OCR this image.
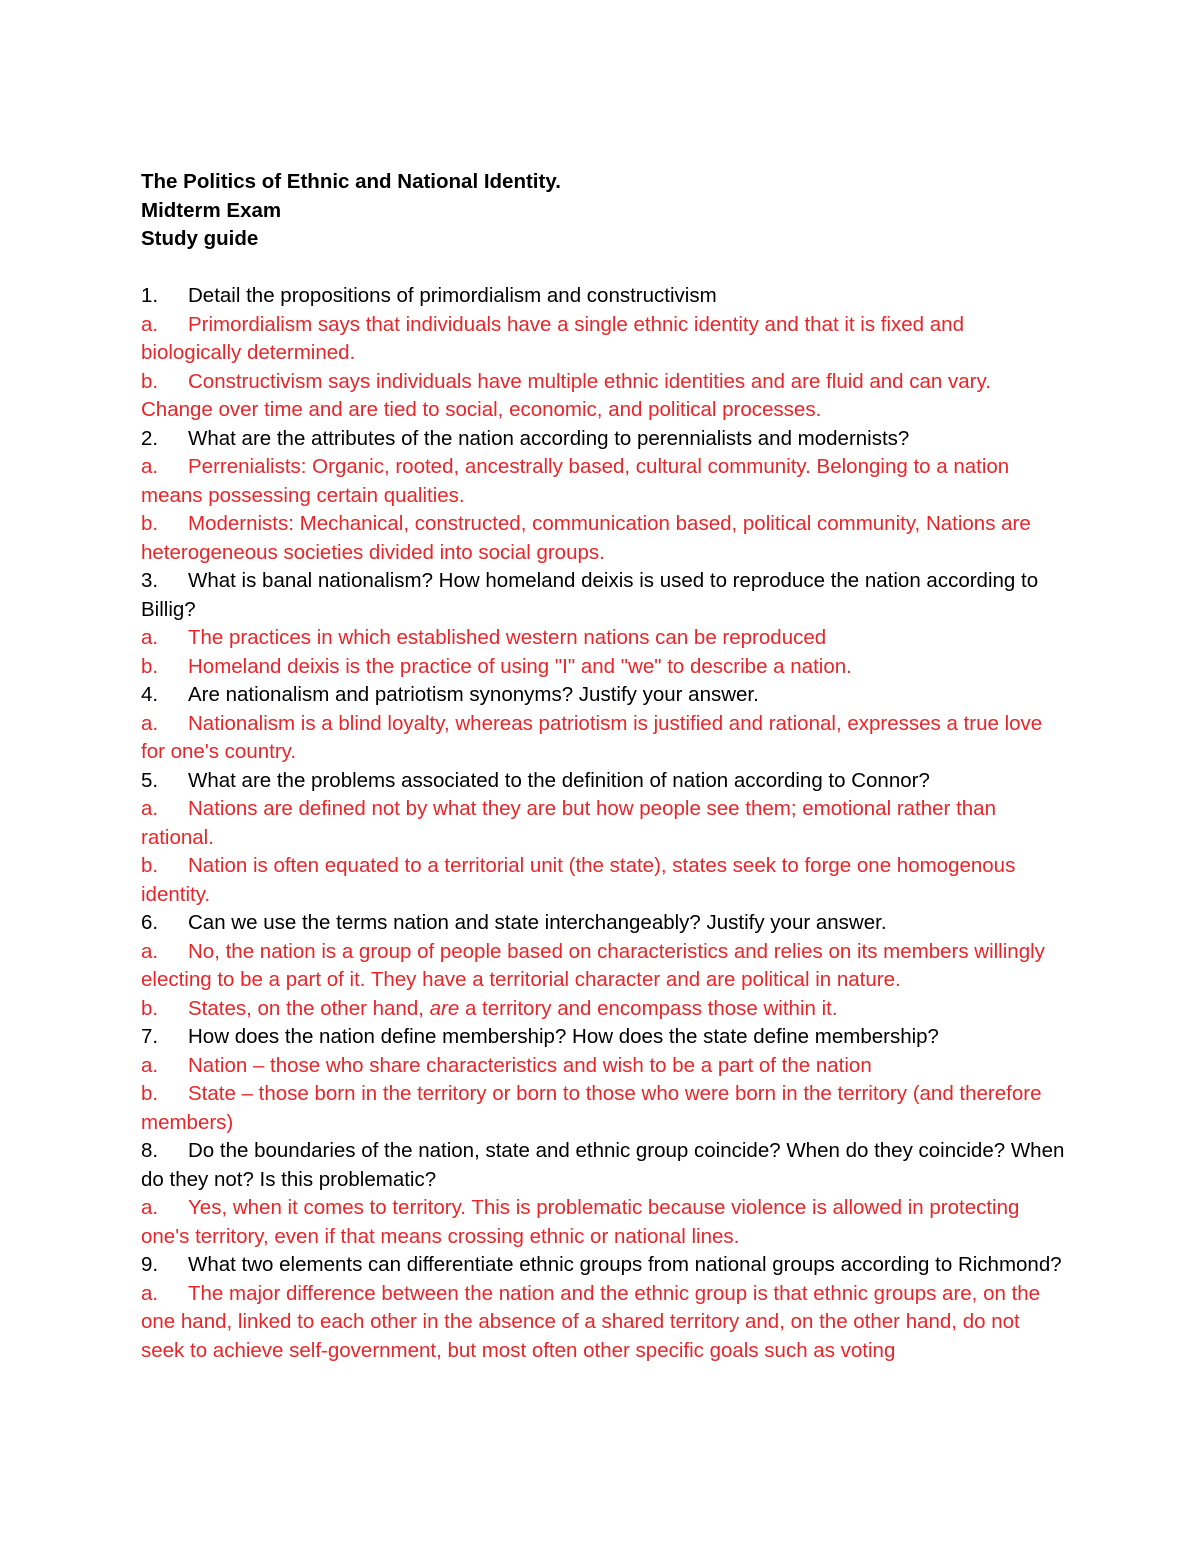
The Politics of Ethnic and National Identity.

Midterm Exam

Study guide

1. Detail the propositions of primordialism and constructivism

a. Primordialism says that individuals have a single ethnic identity and that it is fixed and biologically determined.

b. Constructivism says individuals have multiple ethnic identities and are fluid and can vary. Change over time and are tied to social, economic, and political processes.

2. What are the attributes of the nation according to perennialists and modernists?

a. Perrenialists: Organic, rooted, ancestrally based, cultural community. Belonging to a nation means possessing certain qualities.

b. Modernists: Mechanical, constructed, communication based, political community, Nations are heterogeneous societies divided into social groups.

3. What is banal nationalism? How homeland deixis is used to reproduce the nation according to Billig?

a. The practices in which established western nations can be reproduced

b. Homeland deixis is the practice of using "I" and "we" to describe a nation.

4. Are nationalism and patriotism synonyms? Justify your answer.

a. Nationalism is a blind loyalty, whereas patriotism is justified and rational, expresses a true love for one's country.

5. What are the problems associated to the definition of nation according to Connor?

a. Nations are defined not by what they are but how people see them; emotional rather than rational.

b. Nation is often equated to a territorial unit (the state), states seek to forge one homogenous identity.

6. Can we use the terms nation and state interchangeably? Justify your answer.

a. No, the nation is a group of people based on characteristics and relies on its members willingly electing to be a part of it. They have a territorial character and are political in nature.

b. States, on the other hand, are a territory and encompass those within it.

7. How does the nation define membership? How does the state define membership?

a. Nation – those who share characteristics and wish to be a part of the nation

b. State – those born in the territory or born to those who were born in the territory (and therefore members)

8. Do the boundaries of the nation, state and ethnic group coincide? When do they coincide? When do they not? Is this problematic?

a. Yes, when it comes to territory. This is problematic because violence is allowed in protecting one's territory, even if that means crossing ethnic or national lines.

9. What two elements can differentiate ethnic groups from national groups according to Richmond?

a. The major difference between the nation and the ethnic group is that ethnic groups are, on the one hand, linked to each other in the absence of a shared territory and, on the other hand, do not seek to achieve self-government, but most often other specific goals such as voting
